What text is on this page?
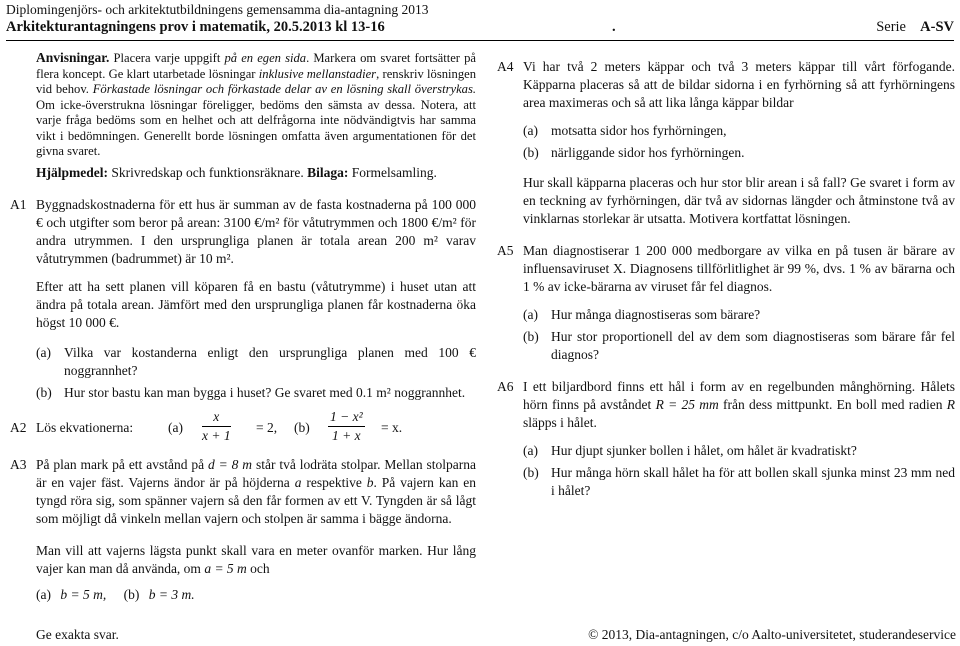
Diplomingenjörs- och arkitektutbildningens gemensamma dia-antagning 2013
Arkitekturantagningens prov i matematik, 20.5.2013 kl 13-16	.	Serie A-SV

Anvisningar. Placera varje uppgift på en egen sida. Markera om svaret fortsätter på flera koncept. Ge klart utarbetade lösningar inklusive mellanstadier, renskriv lösningen vid behov. Förkastade lösningar och förkastade delar av en lösning skall överstrykas. Om icke-överstrukna lösningar föreligger, bedöms den sämsta av dessa. Notera, att varje fråga bedöms som en helhet och att delfrågorna inte nödvändigtvis har samma vikt i bedömningen. Generellt borde lösningen omfatta även argumentationen för det givna svaret.

Hjälpmedel: Skrivredskap och funktionsräknare. Bilaga: Formelsamling.

A1 Byggnadskostnaderna för ett hus är summan av de fasta kostnaderna på 100 000 € och utgifter som beror på arean: 3100 €/m² för våtutrymmen och 1800 €/m² för andra utrymmen. I den ursprungliga planen är totala arean 200 m² varav våtutrymmen (badrummet) är 10 m².

Efter att ha sett planen vill köparen få en bastu (våtutrymme) i huset utan att ändra på totala arean. Jämfört med den ursprungliga planen får kostnaderna öka högst 10 000 €.

(a) Vilka var kostanderna enligt den ursprungliga planen med 100 € noggrannhet?
(b) Hur stor bastu kan man bygga i huset? Ge svaret med 0.1 m² noggrannhet.
A2 Lös ekvationerna:	$(a) \frac{x}{x + 1} = 2$, $(b) \frac{\text{1 − x²}}{1 + x} = x$.
A3 På plan mark på ett avstånd på d = 8 m står två lodräta stolpar. Mellan stolparna är en vajer fäst. Vajerns ändor är på höjderna a respektive b. På vajern kan en tyngd röra sig, som spänner vajern så den får formen av ett V. Tyngden är så lågt som möjligt då vinkeln mellan vajern och stolpen är samma i bägge ändorna.

Man vill att vajerns lägsta punkt skall vara en meter ovanför marken. Hur lång vajer kan man då använda, om a = 5 m och

(a) b = 5 m, (b) b = 3 m.

A4 Vi har två 2 meters käppar och två 3 meters käppar till vårt förfogande. Käpparna placeras så att de bildar sidorna i en fyrhörning så att fyrhörningens area maximeras och så att lika långa käppar bildar

(a) motsatta sidor hos fyrhörningen,
(b) närliggande sidor hos fyrhörningen.

Hur skall käpparna placeras och hur stor blir arean i så fall? Ge svaret i form av en teckning av fyrhörningen, där två av sidornas längder och åtminstone två av vinklarnas storlekar är utsatta. Motivera kortfattat lösningen.

A5 Man diagnostiserar 1 200 000 medborgare av vilka en på tusen är bärare av influensaviruset X. Diagnosens tillförlitlighet är 99 %, dvs. 1 % av bärarna och 1 % av icke-bärarna av viruset får fel diagnos.

(a) Hur många diagnostiseras som bärare?
(b) Hur stor proportionell del av dem som diagnostiseras som bärare får fel diagnos?
A6 I ett biljardbord finns ett hål i form av en regelbunden månghörning. Hålets hörn finns på avståndet R = 25 mm från dess mittpunkt. En boll med radien R släpps i hålet.

(a) Hur djupt sjunker bollen i hålet, om hålet är kvadratiskt?
(b) Hur många hörn skall hålet ha för att bollen skall sjunka minst 23 mm ned i hålet?
Ge exakta svar.	© 2013, Dia-antagningen, c/o Aalto-universitetet, studerandeservice
